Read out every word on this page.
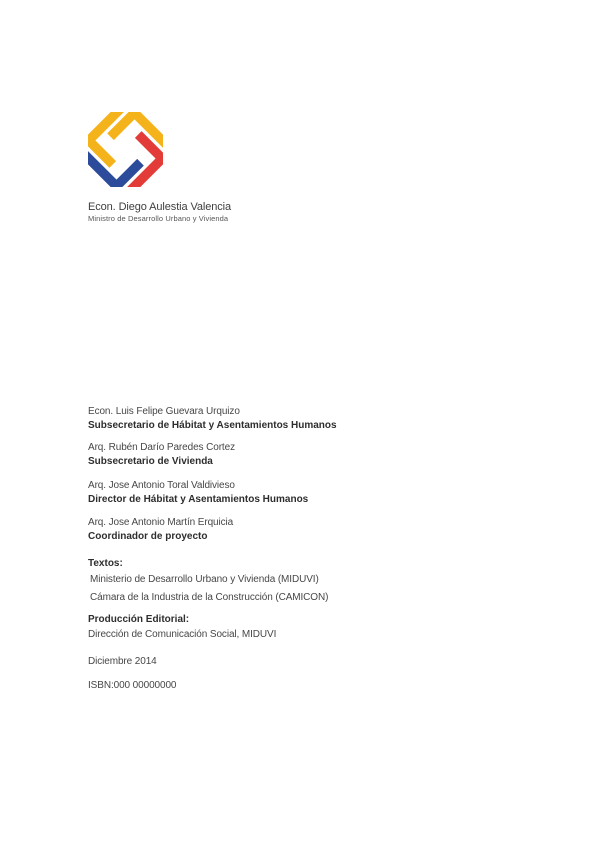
Econ. Diego Aulestia Valencia
Ministro de Desarrollo Urbano y Vivienda
Econ. Luis Felipe Guevara Urquizo
Subsecretario de Hábitat y Asentamientos Humanos
Arq. Rubén Darío Paredes Cortez
Subsecretario de Vivienda
Arq. Jose Antonio Toral Valdivieso
Director de Hábitat y Asentamientos Humanos
Arq. Jose Antonio Martín Erquicia
Coordinador de proyecto
Textos:
Ministerio de Desarrollo Urbano y Vivienda (MIDUVI)
Cámara de la Industria de la Construcción (CAMICON)
Producción Editorial:
Dirección de Comunicación Social, MIDUVI
Diciembre 2014
ISBN:000 00000000
